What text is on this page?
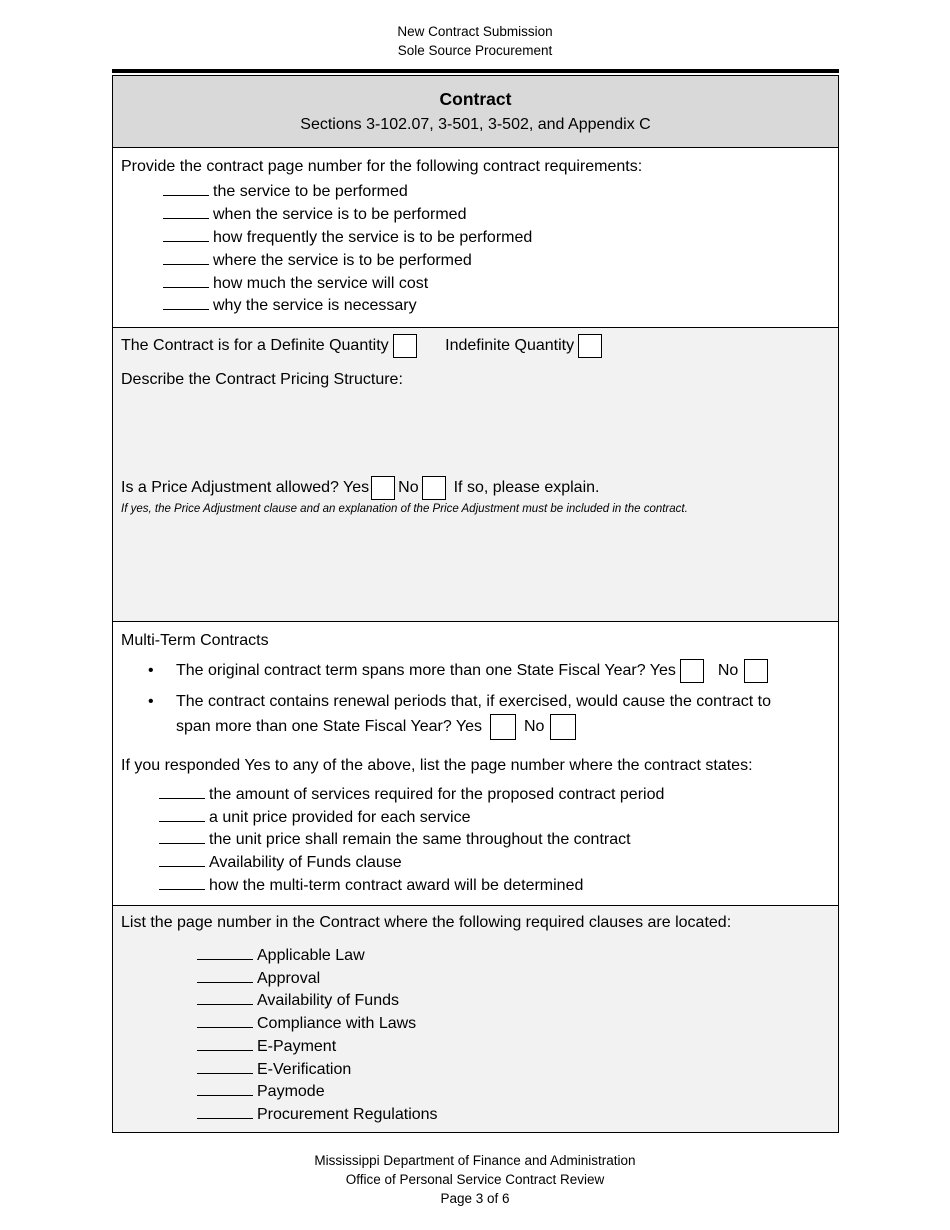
New Contract Submission
Sole Source Procurement
Contract
Sections 3-102.07, 3-501, 3-502, and Appendix C
Provide the contract page number for the following contract requirements:
the service to be performed
when the service is to be performed
how frequently the service is to be performed
where the service is to be performed
how much the service will cost
why the service is necessary
The Contract is for a Definite Quantity	Indefinite Quantity
Describe the Contract Pricing Structure:
Is a Price Adjustment allowed? Yes No If so, please explain.
If yes, the Price Adjustment clause and an explanation of the Price Adjustment must be included in the contract.
Multi-Term Contracts
• The original contract term spans more than one State Fiscal Year? Yes	No
• The contract contains renewal periods that, if exercised, would cause the contract to
span more than one State Fiscal Year? Yes	No
If you responded Yes to any of the above, list the page number where the contract states:
the amount of services required for the proposed contract period
a unit price provided for each service
the unit price shall remain the same throughout the contract
Availability of Funds clause
how the multi-term contract award will be determined
List the page number in the Contract where the following required clauses are located:
Applicable Law
Approval
Availability of Funds
Compliance with Laws
E-Payment
E-Verification
Paymode
Procurement Regulations
Mississippi Department of Finance and Administration
Office of Personal Service Contract Review
Page 3 of 6
